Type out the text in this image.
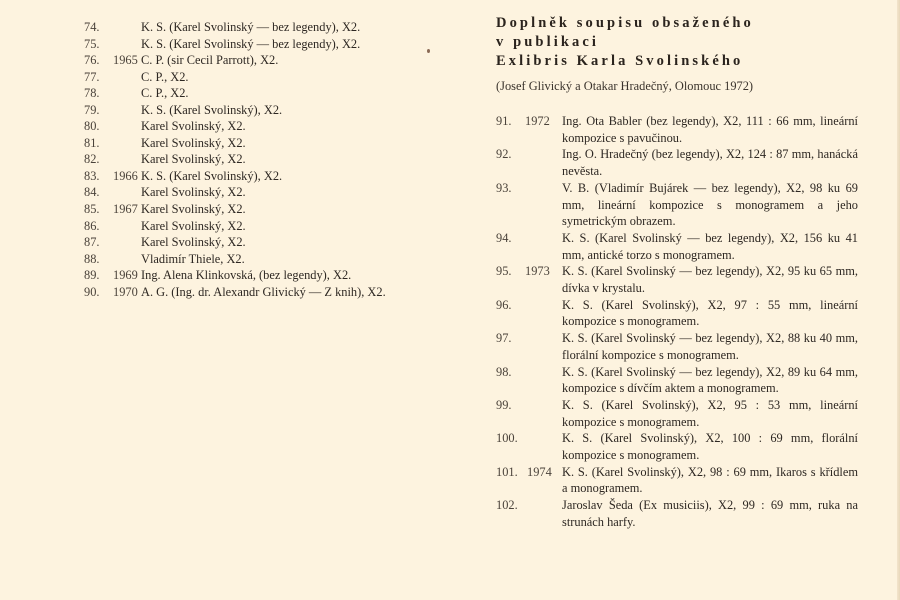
74.	K. S. (Karel Svolinský — bez legendy), X2.
75.	K. S. (Karel Svolinský — bez legendy), X2.
76.	1965 C. P. (sir Cecil Parrott), X2.
77.	C. P., X2.
78.	C. P., X2.
79.	K. S. (Karel Svolinský), X2.
80.	Karel Svolinský, X2.
81.	Karel Svolinský, X2.
82.	Karel Svolinský, X2.
83.	1966 K. S. (Karel Svolinský), X2.
84.	Karel Svolinský, X2.
85.	1967 Karel Svolinský, X2.
86.	Karel Svolinský, X2.
87.	Karel Svolinský, X2.
88.	Vladimír Thiele, X2.
89.	1969 Ing. Alena Klinkovská, (bez legendy), X2.
90.	1970 A. G. (Ing. dr. Alexandr Glivický — Z knih), X2.
Doplněk soupisu obsaženého
v publikaci
Exlibris Karla Svolinského
(Josef Glivický a Otakar Hradečný, Olomouc 1972)
91.	1972 Ing. Ota Babler (bez legendy), X2, 111 : 66 mm, lineární kompozice s pavučinou.
92.	Ing. O. Hradečný (bez legendy), X2, 124 : 87 mm, hanácká nevěsta.
93.	V. B. (Vladimír Bujárek — bez legendy), X2, 98 ku 69 mm, lineární kompozice s monogramem a jeho symetrickým obrazem.
94.	K. S. (Karel Svolinský — bez legendy), X2, 156 ku 41 mm, antické torzo s monogramem.
95.	1973 K. S. (Karel Svolinský — bez legendy), X2, 95 ku 65 mm, dívka v krystalu.
96.	K. S. (Karel Svolinský), X2, 97 : 55 mm, lineární kompozice s monogramem.
97.	K. S. (Karel Svolinský — bez legendy), X2, 88 ku 40 mm, florální kompozice s monogramem.
98.	K. S. (Karel Svolinský — bez legendy), X2, 89 ku 64 mm, kompozice s dívčím aktem a monogramem.
99.	K. S. (Karel Svolinský), X2, 95 : 53 mm, lineární kompozice s monogramem.
100.	K. S. (Karel Svolinský), X2, 100 : 69 mm, florální kompozice s monogramem.
101. 1974 K. S. (Karel Svolinský), X2, 98 : 69 mm, Ikaros s křídlem a monogramem.
102.	Jaroslav Šeda (Ex musiciis), X2, 99 : 69 mm, ruka na strunách harfy.
